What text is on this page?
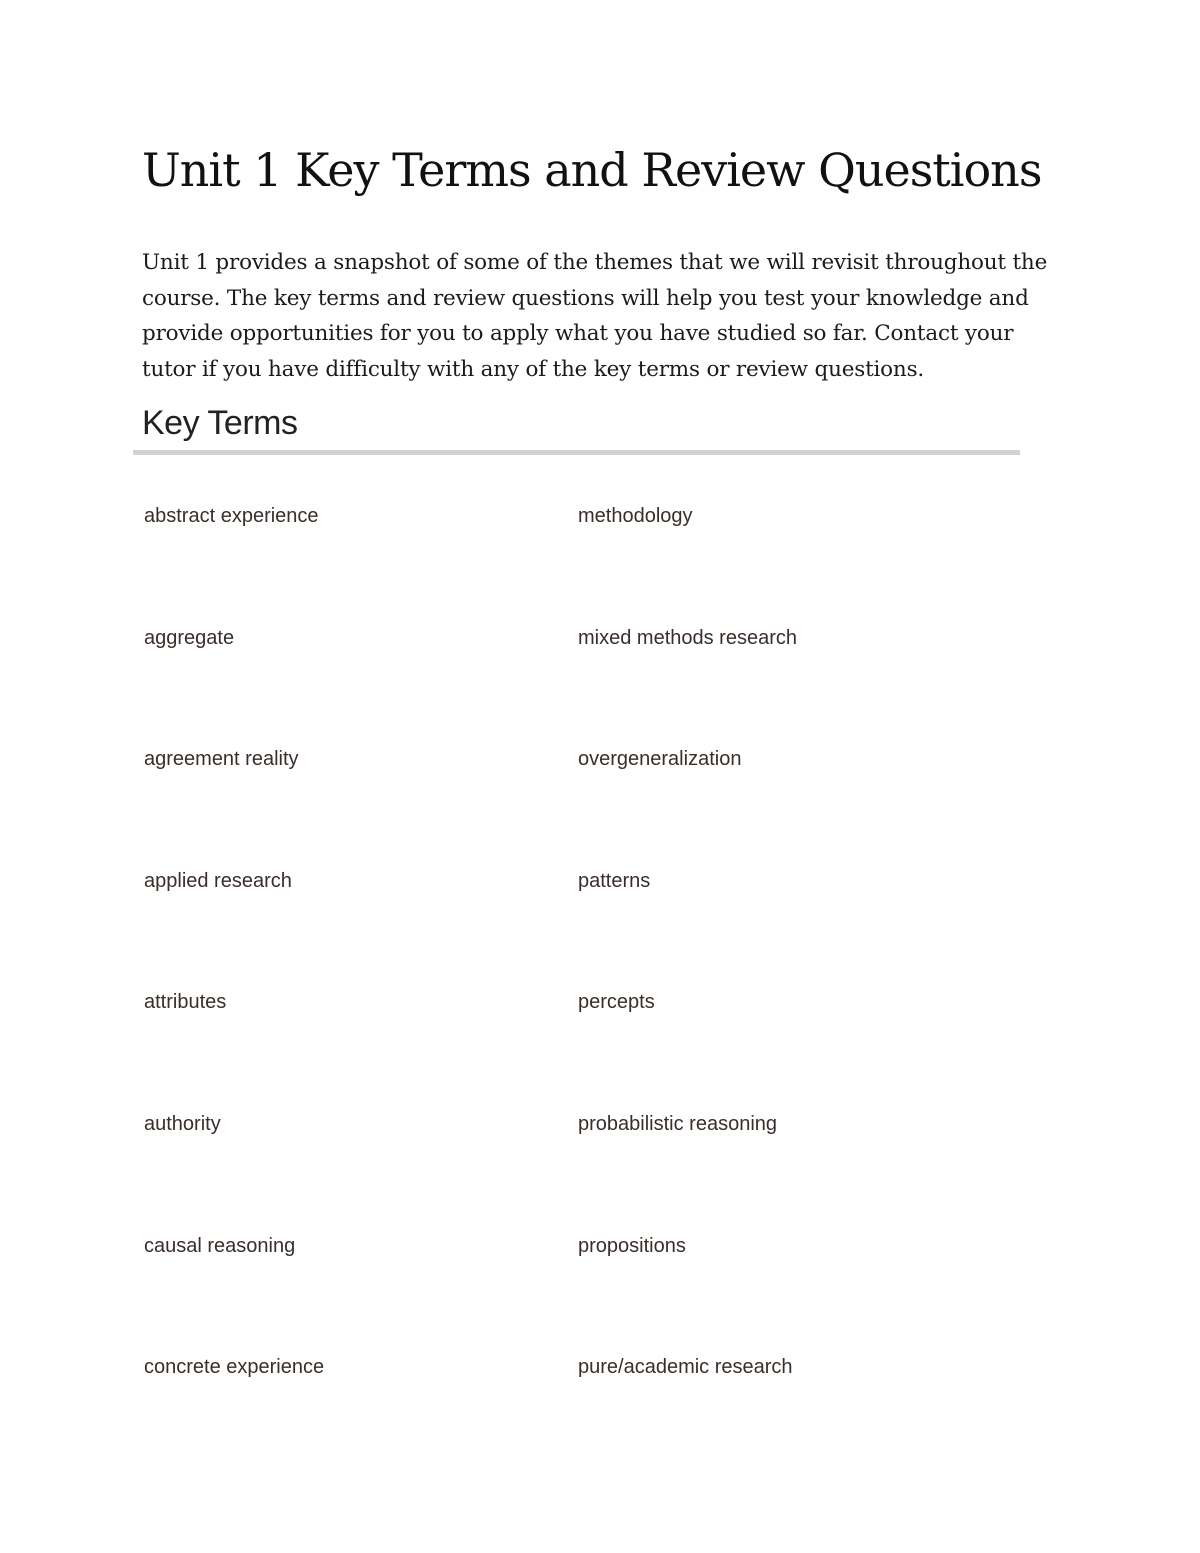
Unit 1 Key Terms and Review Questions

Unit 1 provides a snapshot of some of the themes that we will revisit throughout the course. The key terms and review questions will help you test your knowledge and provide opportunities for you to apply what you have studied so far. Contact your tutor if you have difficulty with any of the key terms or review questions.

Key Terms
abstract experience	methodology
aggregate	mixed methods research
agreement reality	overgeneralization
applied research	patterns
attributes	percepts
authority	probabilistic reasoning
causal reasoning	propositions
concrete experience	pure/academic research
